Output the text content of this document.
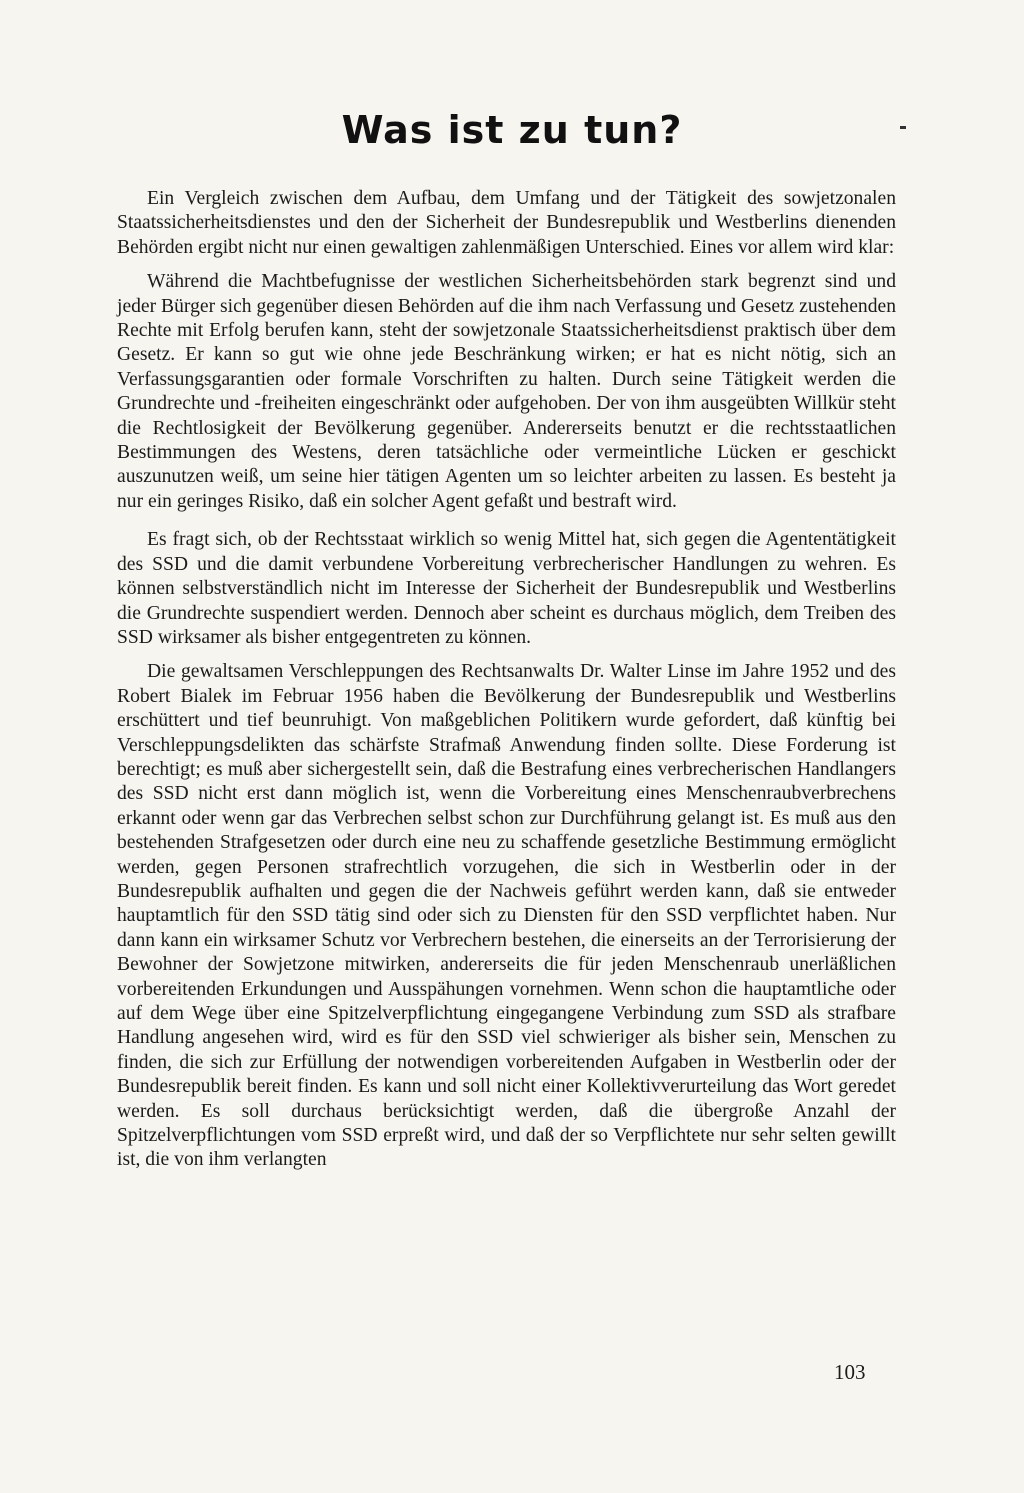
Was ist zu tun?

Ein Vergleich zwischen dem Aufbau, dem Umfang und der Tätigkeit des sowjetzonalen Staatssicherheitsdienstes und den der Sicherheit der Bundesrepublik und Westberlins dienenden Behörden ergibt nicht nur einen gewaltigen zahlenmäßigen Unterschied. Eines vor allem wird klar:

Während die Machtbefugnisse der westlichen Sicherheitsbehörden stark begrenzt sind und jeder Bürger sich gegenüber diesen Behörden auf die ihm nach Verfassung und Gesetz zustehenden Rechte mit Erfolg berufen kann, steht der sowjetzonale Staatssicherheitsdienst praktisch über dem Gesetz. Er kann so gut wie ohne jede Beschränkung wirken; er hat es nicht nötig, sich an Verfassungsgarantien oder formale Vorschriften zu halten. Durch seine Tätigkeit werden die Grundrechte und -freiheiten eingeschränkt oder aufgehoben. Der von ihm ausgeübten Willkür steht die Rechtlosigkeit der Bevölkerung gegenüber. Andererseits benutzt er die rechtsstaatlichen Bestimmungen des Westens, deren tatsächliche oder vermeintliche Lücken er geschickt auszunutzen weiß, um seine hier tätigen Agenten um so leichter arbeiten zu lassen. Es besteht ja nur ein geringes Risiko, daß ein solcher Agent gefaßt und bestraft wird.

Es fragt sich, ob der Rechtsstaat wirklich so wenig Mittel hat, sich gegen die Agententätigkeit des SSD und die damit verbundene Vorbereitung verbrecherischer Handlungen zu wehren. Es können selbstverständlich nicht im Interesse der Sicherheit der Bundesrepublik und Westberlins die Grundrechte suspendiert werden. Dennoch aber scheint es durchaus möglich, dem Treiben des SSD wirksamer als bisher entgegentreten zu können.

Die gewaltsamen Verschleppungen des Rechtsanwalts Dr. Walter Linse im Jahre 1952 und des Robert Bialek im Februar 1956 haben die Bevölkerung der Bundesrepublik und Westberlins erschüttert und tief beunruhigt. Von maßgeblichen Politikern wurde gefordert, daß künftig bei Verschleppungsdelikten das schärfste Strafmaß Anwendung finden sollte. Diese Forderung ist berechtigt; es muß aber sichergestellt sein, daß die Bestrafung eines verbrecherischen Handlangers des SSD nicht erst dann möglich ist, wenn die Vorbereitung eines Menschenraubverbrechens erkannt oder wenn gar das Verbrechen selbst schon zur Durchführung gelangt ist. Es muß aus den bestehenden Strafgesetzen oder durch eine neu zu schaffende gesetzliche Bestimmung ermöglicht werden, gegen Personen strafrechtlich vorzugehen, die sich in Westberlin oder in der Bundesrepublik aufhalten und gegen die der Nachweis geführt werden kann, daß sie entweder hauptamtlich für den SSD tätig sind oder sich zu Diensten für den SSD verpflichtet haben. Nur dann kann ein wirksamer Schutz vor Verbrechern bestehen, die einerseits an der Terrorisierung der Bewohner der Sowjetzone mitwirken, andererseits die für jeden Menschenraub unerläßlichen vorbereitenden Erkundungen und Ausspähungen vornehmen. Wenn schon die hauptamtliche oder auf dem Wege über eine Spitzelverpflichtung eingegangene Verbindung zum SSD als strafbare Handlung angesehen wird, wird es für den SSD viel schwieriger als bisher sein, Menschen zu finden, die sich zur Erfüllung der notwendigen vorbereitenden Aufgaben in Westberlin oder der Bundesrepublik bereit finden. Es kann und soll nicht einer Kollektivverurteilung das Wort geredet werden. Es soll durchaus berücksichtigt werden, daß die übergroße Anzahl der Spitzelverpflichtungen vom SSD erpreßt wird, und daß der so Verpflichtete nur sehr selten gewillt ist, die von ihm verlangten

103
